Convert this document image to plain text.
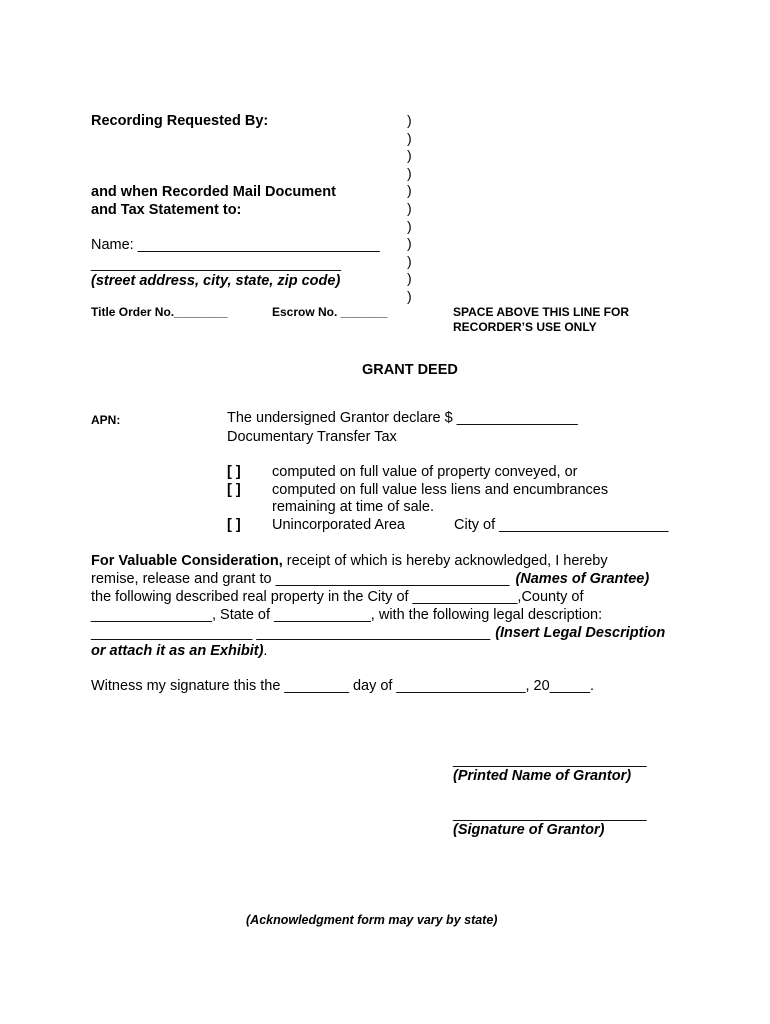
Recording Requested By:
and when Recorded Mail Document
and Tax Statement to:
Name: ______________________________
_______________________________
(street address, city, state, zip code)
Title Order No.________	Escrow No. _______
)
)
)
)
)
)
)
)
)
)
)
SPACE ABOVE THIS LINE FOR
RECORDER’S USE ONLY
GRANT DEED
APN:	The undersigned Grantor declare $ _______________
Documentary Transfer Tax
[ ] computed on full value of property conveyed, or
[ ] computed on full value less liens and encumbrances
remaining at time of sale.
[ ] Unincorporated Area	City of _____________________
For Valuable Consideration, receipt of which is hereby acknowledged, I hereby
remise, release and grant to _____________________________ (Names of Grantee)
the following described real property in the City of _____________,County of
_______________, State of ____________, with the following legal description:
____________________ _____________________________ (Insert Legal Description
or attach it as an Exhibit).
Witness my signature this the ________ day of ________________, 20_____.
________________________
(Printed Name of Grantor)
________________________
(Signature of Grantor)
(Acknowledgment form may vary by state)
